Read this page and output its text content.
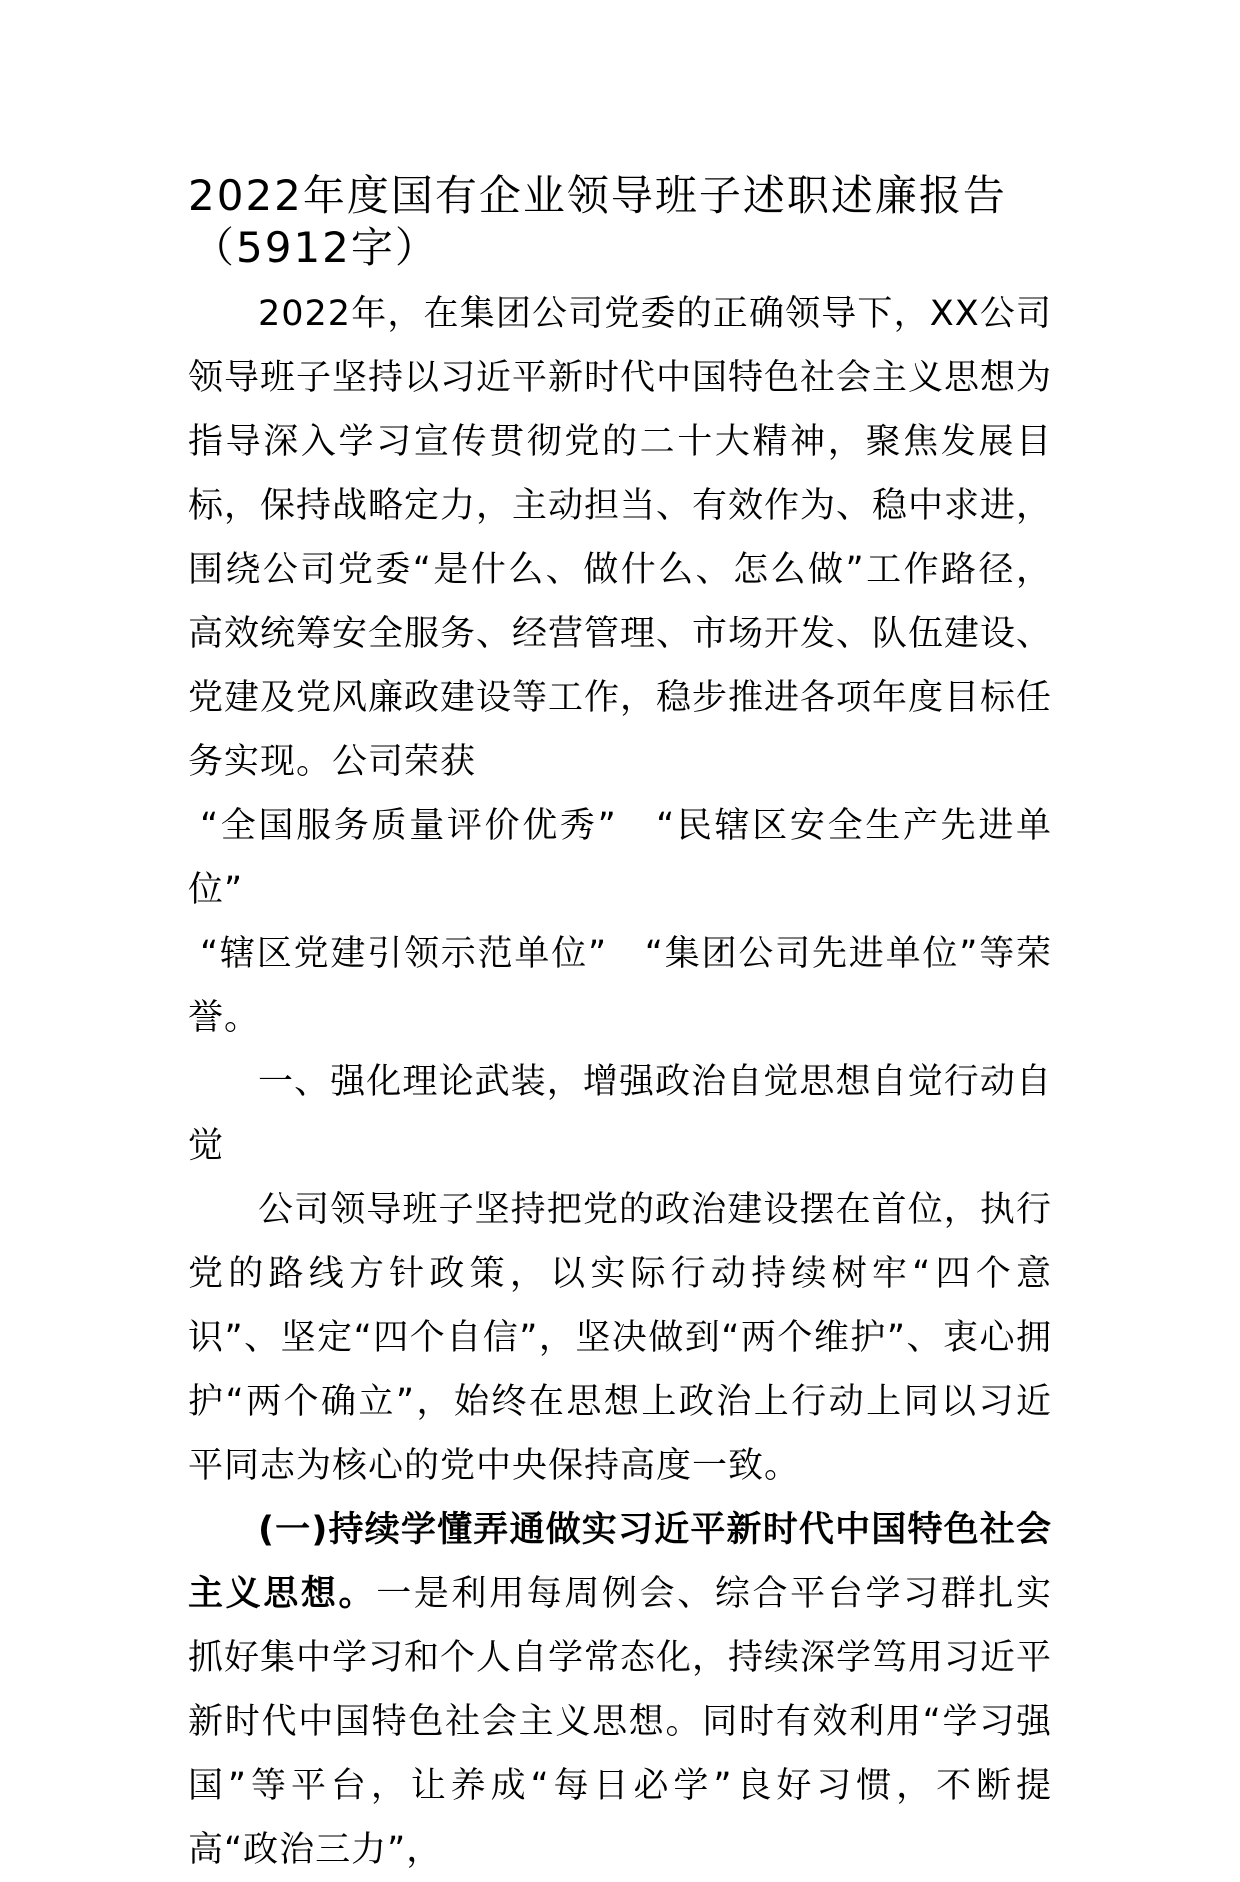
2022年度国有企业领导班子述职述廉报告
（5912字）

2022年，在集团公司党委的正确领导下，XX公司领导班子坚持以习近平新时代中国特色社会主义思想为指导深入学习宣传贯彻党的二十大精神，聚焦发展目标，保持战略定力，主动担当、有效作为、稳中求进，围绕公司党委“是什么、做什么、怎么做”工作路径，高效统筹安全服务、经营管理、市场开发、队伍建设、党建及党风廉政建设等工作，稳步推进各项年度目标任务实现。公司荣获

“全国服务质量评价优秀”　“民辖区安全生产先进单位”

“辖区党建引领示范单位”　“集团公司先进单位”等荣誉。

一、强化理论武装，增强政治自觉思想自觉行动自觉

公司领导班子坚持把党的政治建设摆在首位，执行党的路线方针政策，以实际行动持续树牢“四个意识”、坚定“四个自信”，坚决做到“两个维护”、衷心拥护“两个确立”，始终在思想上政治上行动上同以习近平同志为核心的党中央保持高度一致。

(一)持续学懂弄通做实习近平新时代中国特色社会主义思想。一是利用每周例会、综合平台学习群扎实抓好集中学习和个人自学常态化，持续深学笃用习近平新时代中国特色社会主义思想。同时有效利用“学习强国”等平台，让养成“每日必学”良好习惯，不断提高“政治三力”，
